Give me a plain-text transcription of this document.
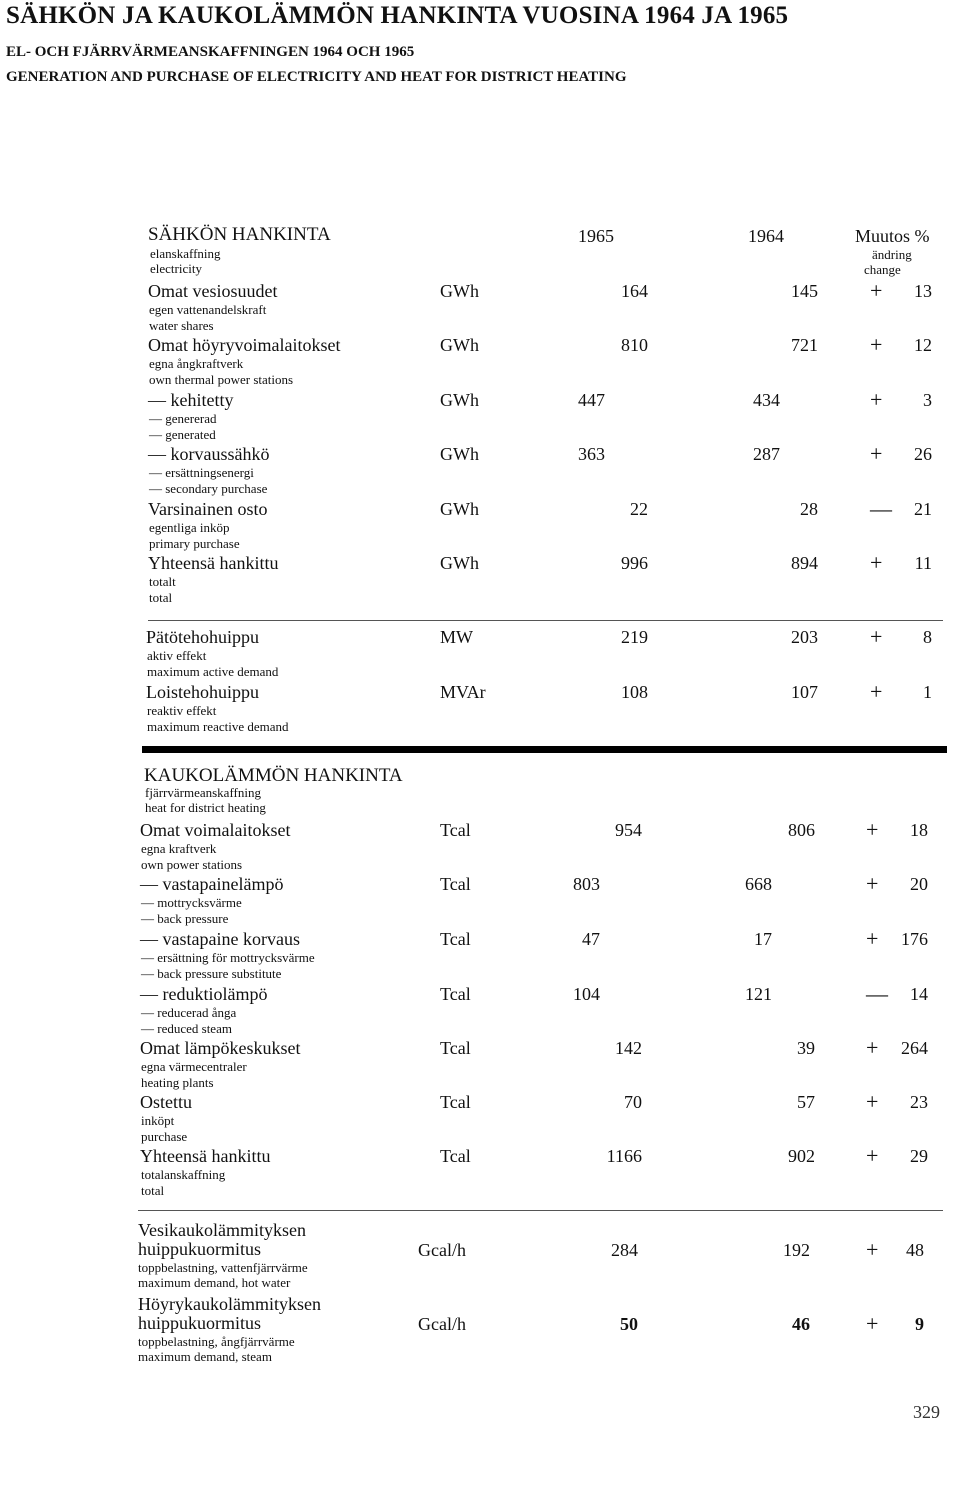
SÄHKÖN JA KAUKOLÄMMÖN HANKINTA VUOSINA 1964 JA 1965
EL- OCH FJÄRRVÄRMEANSKAFFNINGEN 1964 OCH 1965
GENERATION AND PURCHASE OF ELECTRICITY AND HEAT FOR DISTRICT HEATING
SÄHKÖN HANKINTA
elanskaffning
electricity
1965	1964	Muutos %
ändring
change
Omat vesiosuudet
egen vattenandelskraft
water shares
GWh	164	145 +	13
Omat höyryvoimalaitokset
egna ångkraftverk
own thermal power stations
GWh	810	721 +	12
— kehitetty
— genererad
— generated
GWh	447	434	+	3
— korvaussähkö
— ersättningsenergi
— secondary purchase
GWh	363	287	+	26
Varsinainen osto
egentliga inköp
primary purchase
GWh	22	28 —	21
Yhteensä hankittu
totalt
total
GWh	996	894 +	11
Pätötehohuippu
aktiv effekt
maximum active demand
MW	219	203 +	8
Loistehohuippu
reaktiv effekt
maximum reactive demand
MVAr	108	107 +	1
KAUKOLÄMMÖN HANKINTA
fjärrvärmeanskaffning
heat for district heating
Omat voimalaitokset
egna kraftverk
own power stations
Tcal	954	806 +	18
— vastapainelämpö
— mottrycksvärme
— back pressure
Tcal	803	668	+	20
— vastapaine korvaus
— ersättning för mottrycksvärme
— back pressure substitute
Tcal	47	17	+	176
— reduktiolämpö
— reducerad ånga
— reduced steam
Tcal	104	121	—	14
Omat lämpökeskukset
egna värmecentraler
heating plants
Tcal	142	39 +	264
Ostettu
inköpt
purchase
Tcal	70	57 +	23
Yhteensä hankittu
totalanskaffning
total
Tcal	1166	902 +	29
Vesikaukolämmityksen
huippukuormitus
toppbelastning, vattenfjärrvärme
maximum demand, hot water
Gcal/h	284	192	+	48
Höyrykaukolämmityksen
huippukuormitus
toppbelastning, ångfjärrvärme
maximum demand, steam
Gcal/h	50	46	+	9
329
